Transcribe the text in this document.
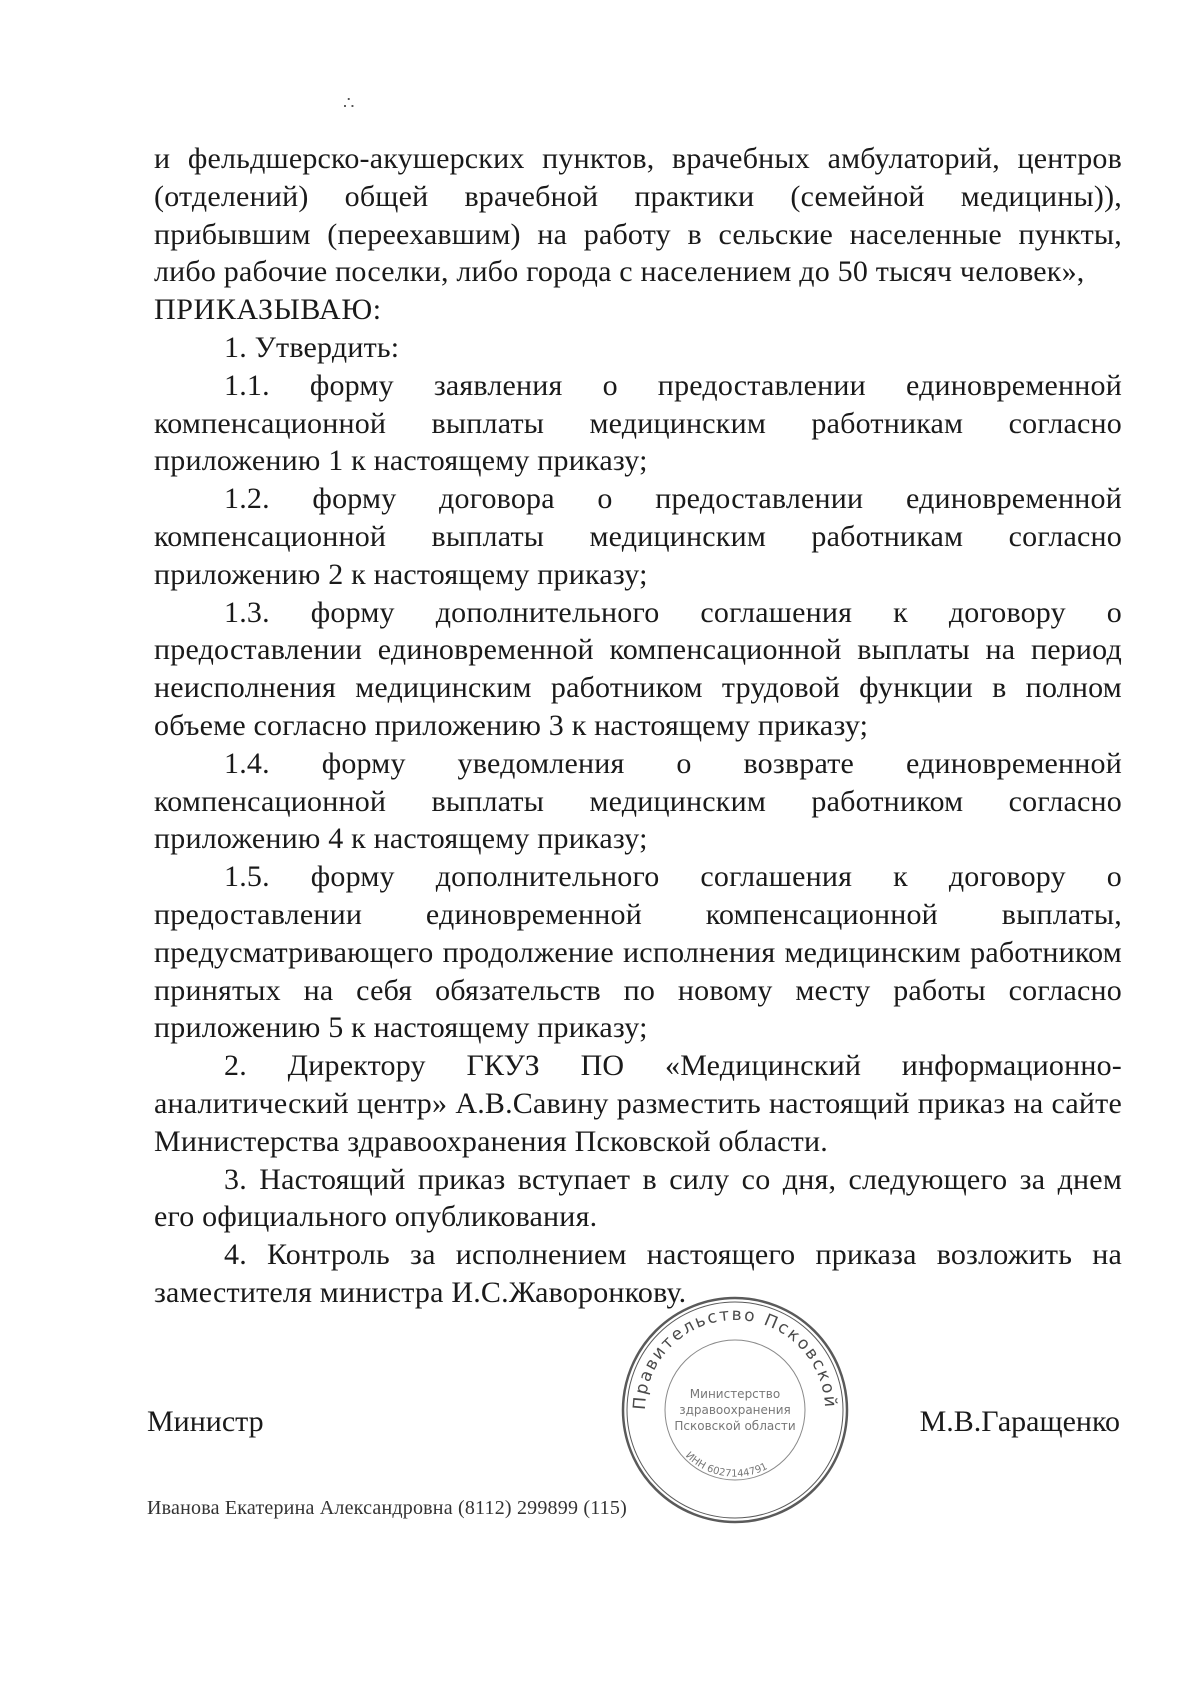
∴

и фельдшерско-акушерских пунктов, врачебных амбулаторий, центров (отделений) общей врачебной практики (семейной медицины)), прибывшим (переехавшим) на работу в сельские населенные пункты, либо рабочие поселки, либо города с населением до 50 тысяч человек»,

ПРИКАЗЫВАЮ:

1. Утвердить:

1.1. форму заявления о предоставлении единовременной компенсационной выплаты медицинским работникам согласно приложению 1 к настоящему приказу;

1.2. форму договора о предоставлении единовременной компенсационной выплаты медицинским работникам согласно приложению 2 к настоящему приказу;

1.3. форму дополнительного соглашения к договору о предоставлении единовременной компенсационной выплаты на период неисполнения медицинским работником трудовой функции в полном объеме согласно приложению 3 к настоящему приказу;

1.4. форму уведомления о возврате единовременной компенсационной выплаты медицинским работником согласно приложению 4 к настоящему приказу;

1.5. форму дополнительного соглашения к договору о предоставлении единовременной компенсационной выплаты, предусматривающего продолжение исполнения медицинским работником принятых на себя обязательств по новому месту работы согласно приложению 5 к настоящему приказу;

2. Директору ГКУЗ ПО «Медицинский информационно-аналитический центр» А.В.Савину разместить настоящий приказ на сайте Министерства здравоохранения Псковской области.

3. Настоящий приказ вступает в силу со дня, следующего за днем его официального опубликования.

4. Контроль за исполнением настоящего приказа возложить на заместителя министра И.С.Жаворонкову.

Министр	М.В.Гаращенко
Правительство Псковской
Министерство
здравоохранения
Псковской области
ИНН 6027144791
Иванова Екатерина Александровна (8112) 299899 (115)
